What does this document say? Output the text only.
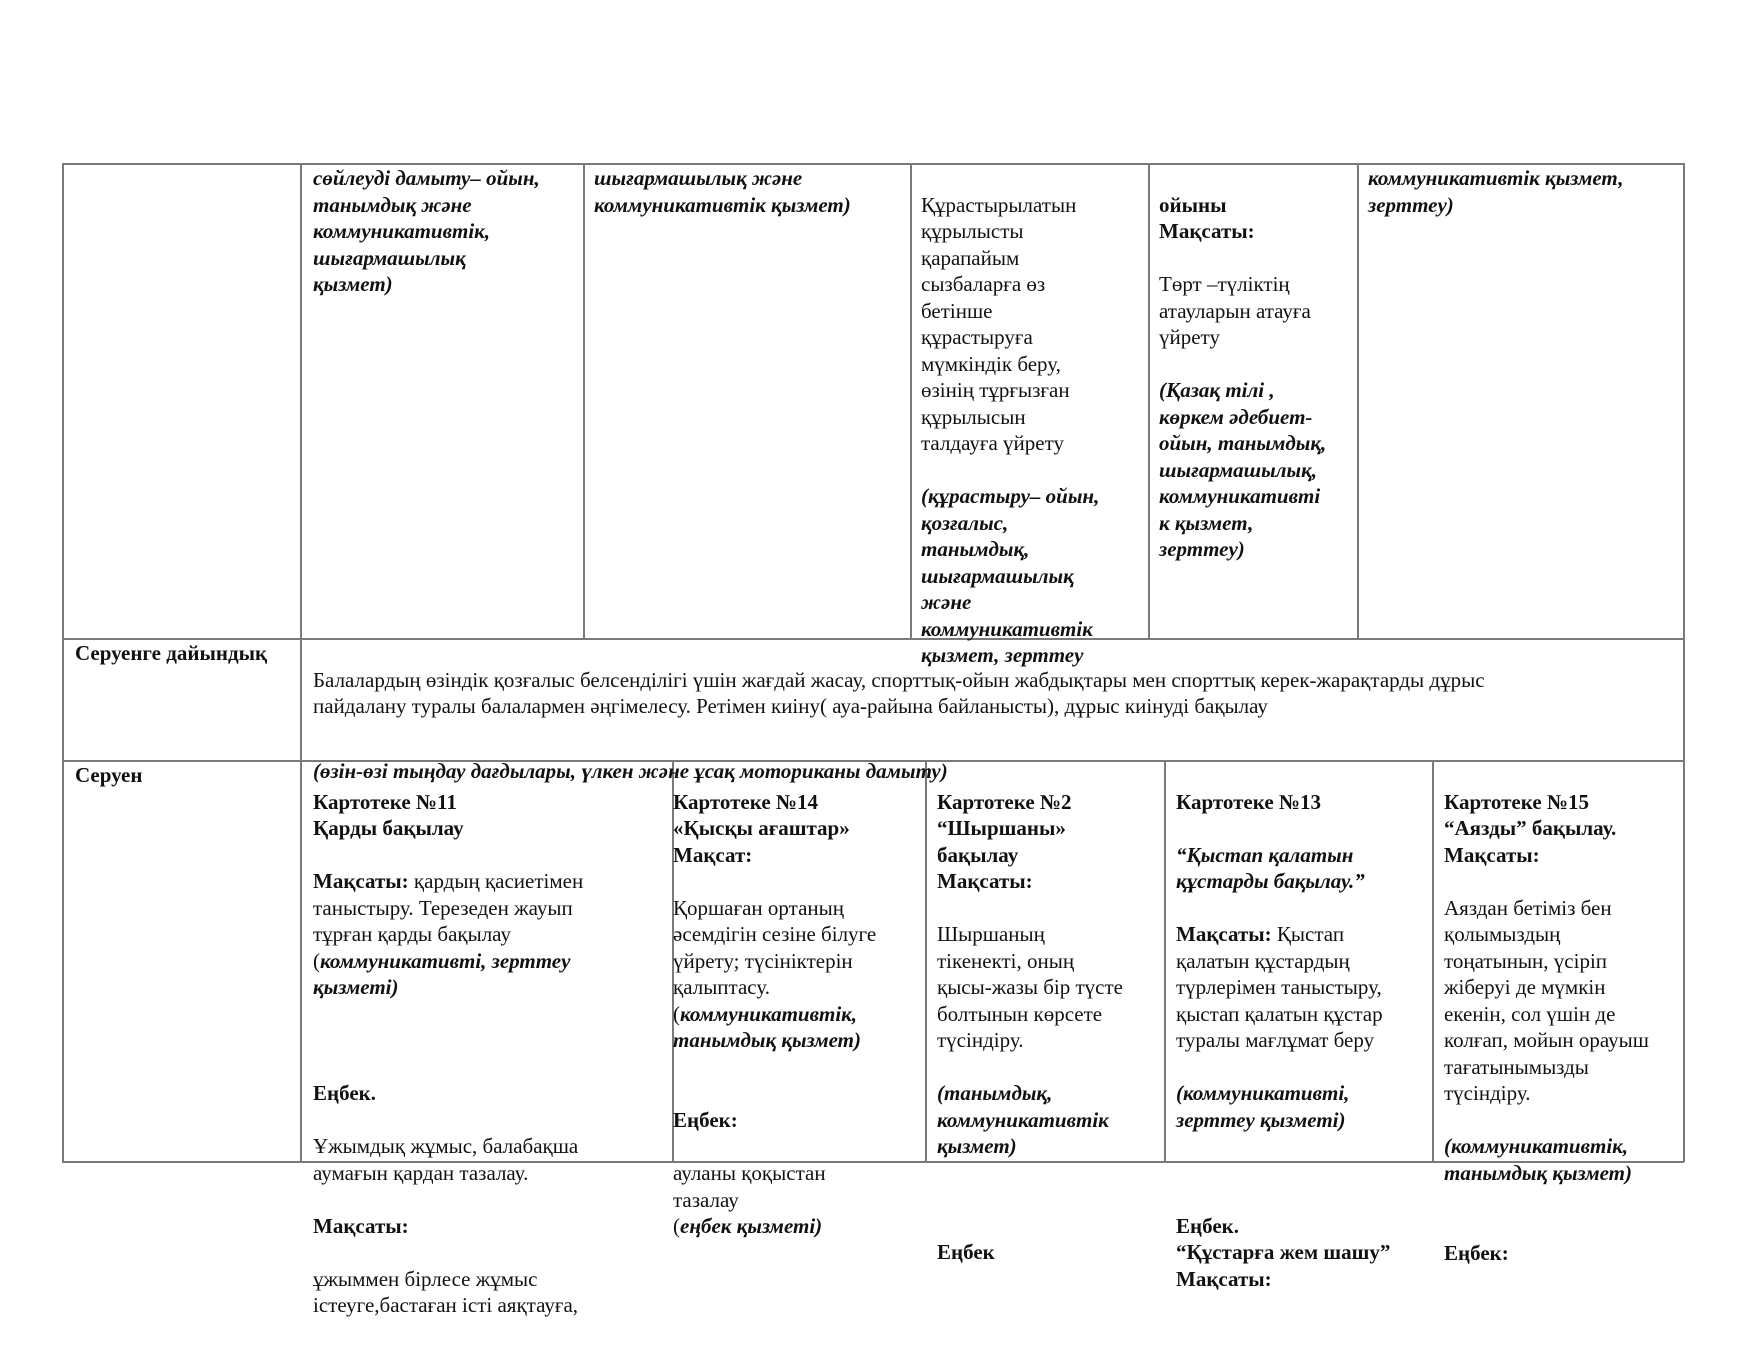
сөйлеуді дамыту– ойын,
танымдық және
коммуникативтік,
шығармашылық
қызмет)
шығармашылық және
коммуникативтік қызмет)	Құрастырылатын
құрылысты
қарапайым
сызбаларға өз
бетінше
құрастыруға
мүмкіндік беру,
өзінің тұрғызған
құрылысын
талдауға үйрету

(құрастыру– ойын,
қозғалыс,
танымдық,
шығармашылық
және
коммуникативтік
қызмет, зерттеу

ойыны
Мақсаты:

Төрт –түліктің
атауларын атауға
үйрету

(Қазақ тілі ,
көркем әдебиет-
ойын, танымдық,
шығармашылық,
коммуникативті
к қызмет,
зерттеу)

коммуникативтік қызмет,
зерттеу)
Серуенге дайындық

Балалардың өзіндік қозғалыс белсенділігі үшін жағдай жасау, спорттық-ойын жабдықтары мен спорттық керек-жарақтарды дұрыс
пайдалану туралы балалармен әңгімелесу. Ретімен киіну( ауа-райына байланысты), дұрыс киінуді бақылау

(өзін-өзі тыңдау дағдылары, үлкен және ұсақ моториканы дамыту)

Серуен

Картотеке №11
Қарды бақылау

Мақсаты: қардың қасиетімен
таныстыру. Терезеден жауып
тұрған қарды бақылау
(коммуникативті, зерттеу
қызметі)

Еңбек.

Ұжымдық жұмыс, балабақша
аумағын қардан тазалау.

Мақсаты:

ұжыммен бірлесе жұмыс
істеуге,бастаған істі аяқтауға,

Картотеке №14
«Қысқы ағаштар»
Мақсат:

Қоршаған ортаның
әсемдігін сезіне білуге
үйрету; түсініктерін
қалыптасу.
(коммуникативтік,
танымдық қызмет)

Еңбек:

ауланы қоқыстан
тазалау
(еңбек қызметі)

Картотеке №2
“Шыршаны»
бақылау
Мақсаты:

Шыршаның
тікенекті, оның
қысы-жазы бір түсте
болтынын көрсете
түсіндіру.

(танымдық,
коммуникативтік
қызмет)

Еңбек

Картотеке №13

“Қыстап қалатын
құстарды бақылау.”

Мақсаты: Қыстап
қалатын құстардың
түрлерімен таныстыру,
қыстап қалатын құстар
туралы мағлұмат беру

(коммуникативті,
зерттеу қызметі)

Еңбек.
“Құстарға жем шашу”
Мақсаты:

Картотеке №15
“Аязды” бақылау.
Мақсаты:

Аяздан бетіміз бен
қолымыздың
тоңатынын, үсіріп
жіберуі де мүмкін
екенін, сол үшін де
колғап, мойын орауыш
тағатынымызды
түсіндіру.

(коммуникативтік,
танымдық қызмет)

Еңбек:
